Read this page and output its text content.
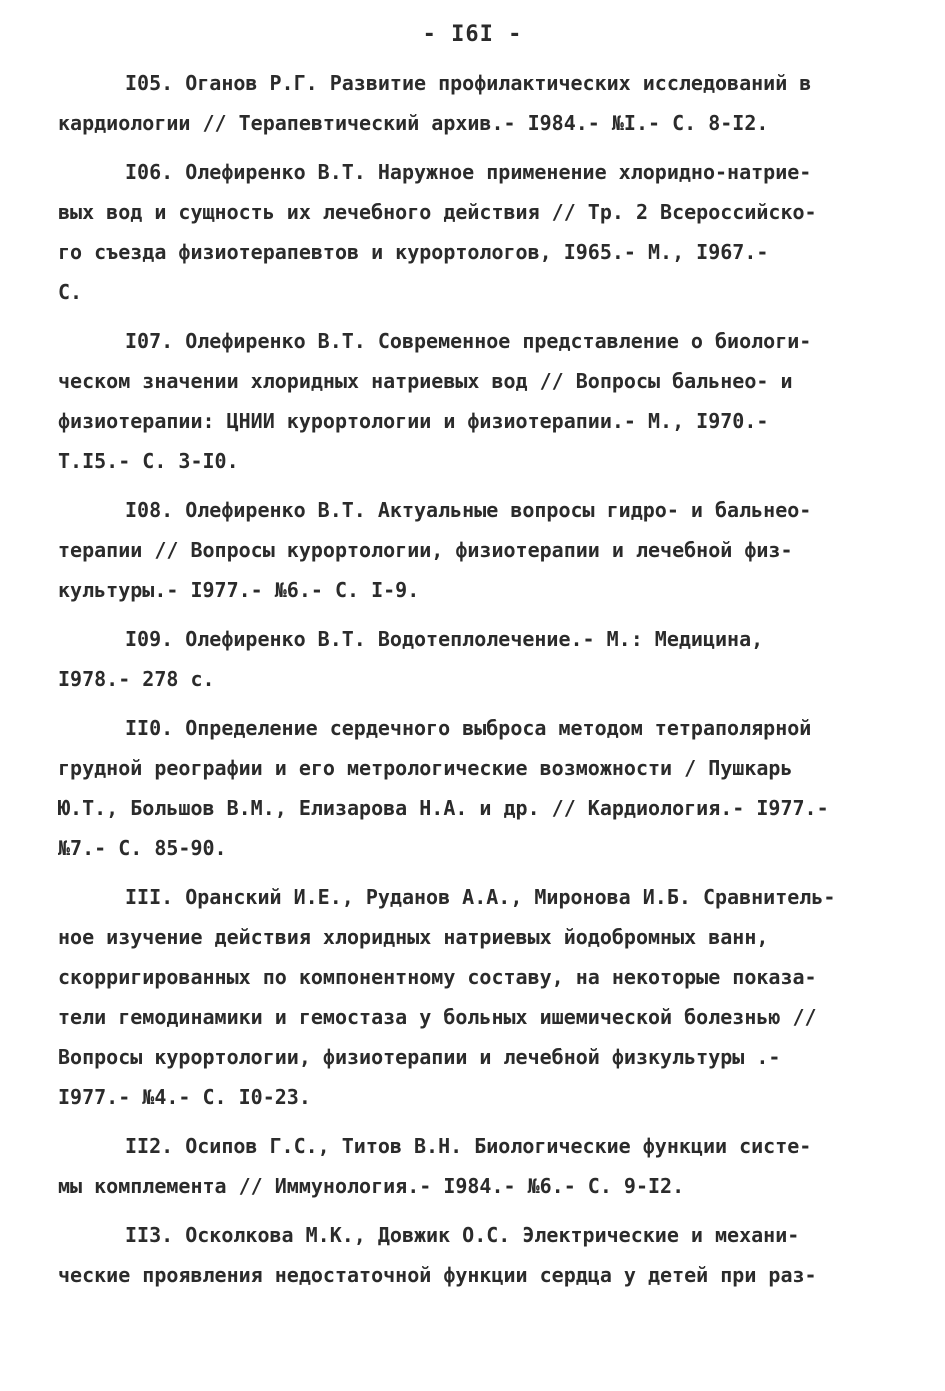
- I6I -
I05. Оганов Р.Г. Развитие профилактических исследований в
кардиологии // Терапевтический архив.- I984.- №I.- С. 8-I2.
I06. Олефиренко В.Т. Наружное применение хлоридно-натрие-
вых вод и сущность их лечебного действия // Тр. 2 Всероссийско-
го съезда физиотерапевтов и курортологов, I965.- М., I967.-
С.
I07. Олефиренко В.Т. Современное представление о биологи-
ческом значении хлоридных натриевых вод // Вопросы бальнео- и
физиотерапии: ЦНИИ курортологии и физиотерапии.- М., I970.-
Т.I5.- С. 3-I0.
I08. Олефиренко В.Т. Актуальные вопросы гидро- и бальнео-
терапии // Вопросы курортологии, физиотерапии и лечебной физ-
культуры.- I977.- №6.- С. I-9.
I09. Олефиренко В.Т. Водотеплолечение.- М.: Медицина,
I978.- 278 с.
II0. Определение сердечного выброса методом тетраполярной
грудной реографии и его метрологические возможности / Пушкарь
Ю.Т., Большов В.М., Елизарова Н.А. и др. // Кардиология.- I977.-
№7.- С. 85-90.
III. Оранский И.Е., Руданов А.А., Миронова И.Б. Сравнитель-
ное изучение действия хлоридных натриевых йодобромных ванн,
скорригированных по компонентному составу, на некоторые показа-
тели гемодинамики и гемостаза у больных ишемической болезнью //
Вопросы курортологии, физиотерапии и лечебной физкультуры .-
I977.- №4.- С. I0-23.
II2. Осипов Г.С., Титов В.Н. Биологические функции систе-
мы комплемента // Иммунология.- I984.- №6.- С. 9-I2.
II3. Осколкова М.К., Довжик О.С. Электрические и механи-
ческие проявления недостаточной функции сердца у детей при раз-
